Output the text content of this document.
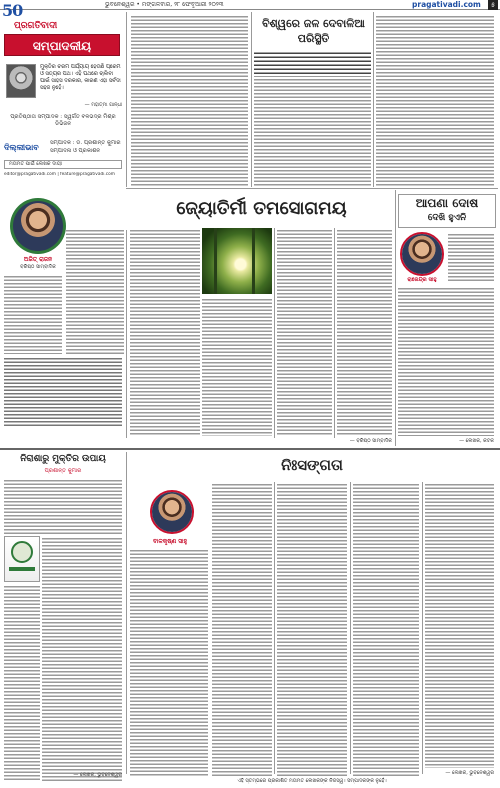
50	ଭୁବନେଶ୍ୱର • ମଙ୍ଗଳବାର, ୨୮ ଫେବୃଆରୀ ୨୦୨୩	pragativadi.com	୫
ପ୍ରଗତିବାଦୀ
ସମ୍ପାଦକୀୟ
ମୁକ୍ତିର ଚରମ ପର୍ଯ୍ୟାୟ ହେଉଛି ପ୍ରେମ ଓ ସତ୍ୟର ପଥ। ଏହି ପଥରେ ଚାଲିବା ପାଇଁ ସାହସ ଦରକାର, କାରଣ ଏହା ସର୍ବଦା ସହଜ ନୁହେଁ।
— ମହାତ୍ମା ଗାନ୍ଧୀ
ପ୍ରତିଷ୍ଠାତା ସମ୍ପାଦକ : ସ୍ୱର୍ଗତ ବଳଭଦ୍ର ମିଶ୍ର
ଡିଭିଜନ
ଦିଲ୍ଲୀଭାବ ସମ୍ପାଦକ : ଡ. ପ୍ରଶାନ୍ତ କୁମାର
ସମ୍ପାଦନା ଓ ପ୍ରକାଶନ
ମତାମତ ପାଇଁ ଲେଖକ ଦାୟୀ
editor@pragativadi.com | feature@pragativadi.com
ବିଶ୍ୱରେ ଜଳ ଦେବାଳିଆ ପରିସ୍ଥିତି
ଅଜିତ୍ ରାଜନ
ବରିଷ୍ଠ ସାମ୍ବାଦିକ
ଜ୍ୟୋତିର୍ମୀ ତମସୋଗମୟ
— ବରିଷ୍ଠ ସାମ୍ବାଦିକ
ଆପଣା ଦୋଷ
ଦେଖି ହୁଏନି
ରାଜେନ୍ଦ୍ର ସାହୁ
— ଲେଖକ, କଟକ
ନିରାଶାରୁ ମୁକ୍ତିର ଉପାୟ
ପ୍ରଶାନ୍ତ କୁମାର
— ଲେଖକ, ଭୁବନେଶ୍ୱର
ନିଃସଙ୍ଗତା
ବାଳକୃଷ୍ଣ ସାହୁ
— ଲେଖକ, ଭୁବନେଶ୍ୱର
ଏହି ସ୍ତମ୍ଭରେ ପ୍ରକାଶିତ ମତାମତ ଲେଖକଙ୍କ ନିଜସ୍ୱ। ସମ୍ପାଦକଙ୍କ ନୁହେଁ।
